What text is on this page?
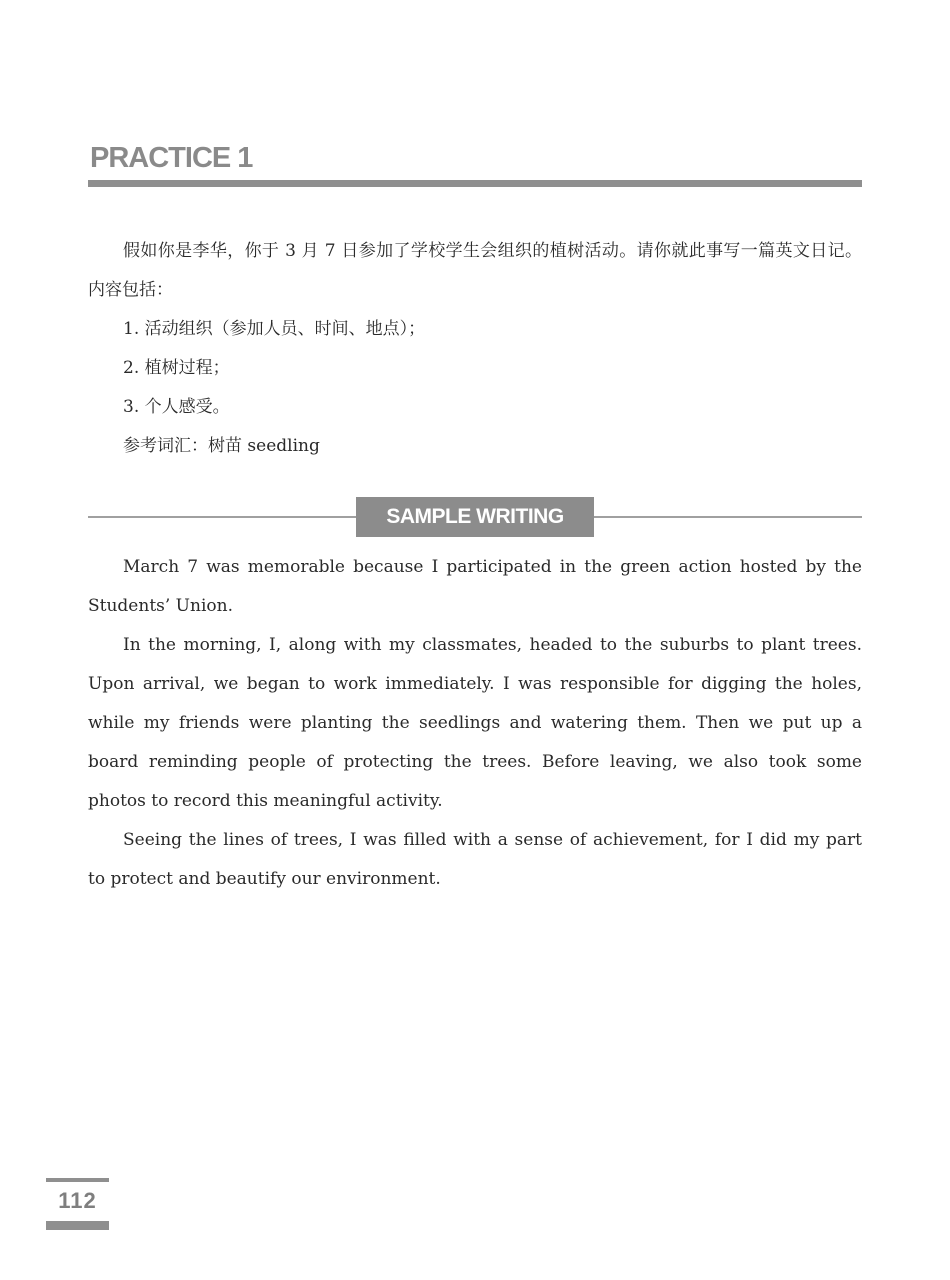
PRACTICE 1

假如你是李华，你于 3 月 7 日参加了学校学生会组织的植树活动。请你就此事写一篇英文日记。内容包括：

1. 活动组织（参加人员、时间、地点）；

2. 植树过程；

3. 个人感受。

参考词汇：树苗 seedling

SAMPLE WRITING

March 7 was memorable because I participated in the green action hosted by the Students’ Union.

In the morning, I, along with my classmates, headed to the suburbs to plant trees. Upon arrival, we began to work immediately. I was responsible for digging the holes, while my friends were planting the seedlings and watering them. Then we put up a board reminding people of protecting the trees. Before leaving, we also took some photos to record this meaningful activity.

Seeing the lines of trees, I was filled with a sense of achievement, for I did my part to protect and beautify our environment.

112
